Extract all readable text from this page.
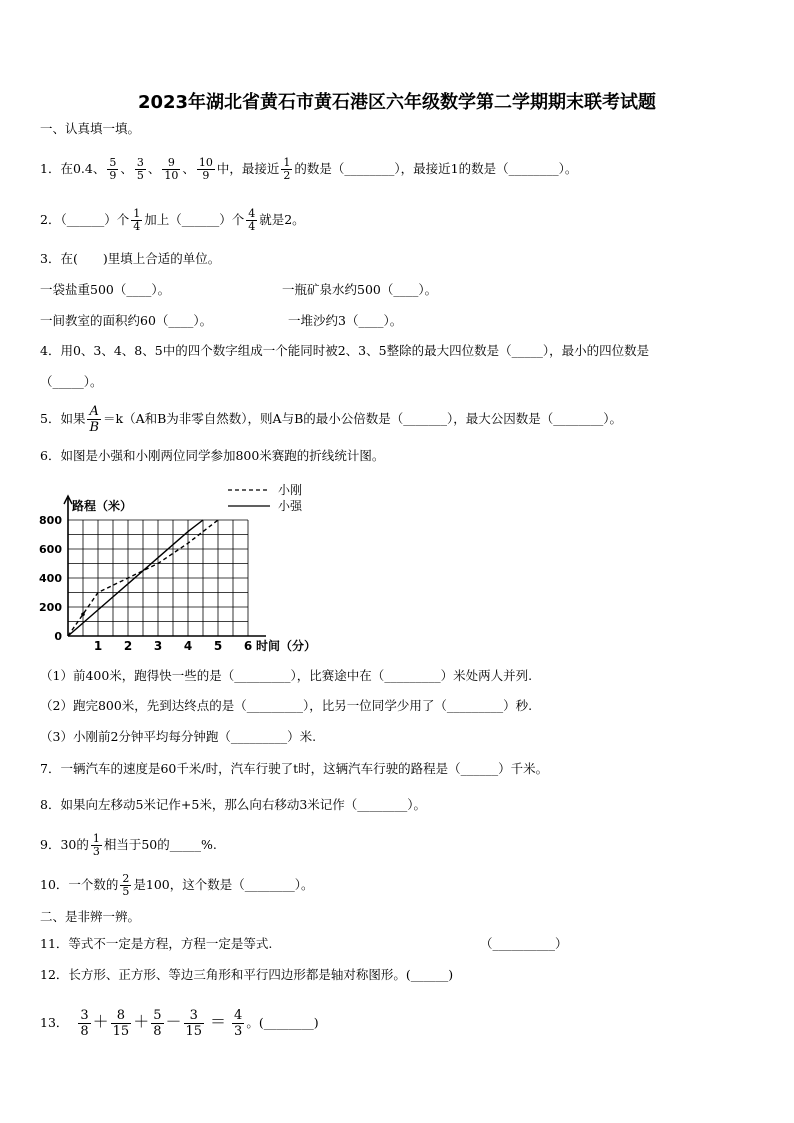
2023年湖北省黄石市黄石港区六年级数学第二学期期末联考试题
一、认真填一填。
1．在0.4、 $\frac{5}{9}$ 、 $\frac{3}{5}$ 、 $\frac{9}{10}$ 、 $\frac{10}{9}$ 中，最接近 $\frac{1}{2}$ 的数是（________），最接近1的数是（________）。
2．（______）个 $\frac{1}{4}$ 加上（______）个 $\frac{4}{4}$ 就是2。
3．在(　　)里填上合适的单位。
一袋盐重500（____）。	一瓶矿泉水约500（____）。
一间教室的面积约60（____）。	一堆沙约3（____）。
4．用0、3、4、8、5中的四个数字组成一个能同时被2、3、5整除的最大四位数是（_____），最小的四位数是
（_____）。
5．如果 $\frac{A}{B} =k(A$和B为非零自然数），则A与B的最小公倍数是（_______），最大公因数是（________）。
6．如图是小强和小刚两位同学参加800米赛跑的折线统计图。
1 2 3 4 5 6
0
200
400
600
800
路程（米）
时间（分）
小刚
小强
（1）前400米，跑得快一些的是（_________），比赛途中在（_________）米处两人并列.
（2）跑完800米，先到达终点的是（_________），比另一位同学少用了（_________）秒.
（3）小刚前2分钟平均每分钟跑（_________）米.
7．一辆汽车的速度是60千米/时，汽车行驶了t时，这辆汽车行驶的路程是（______）千米。
8．如果向左移动5米记作+5米，那么向右移动3米记作（________）。
9．30的 $\frac{1}{3}$ 相当于50的_____%.
10．一个数的 $\frac{2}{5}$ 是100，这个数是（________）。
二、是非辨一辨。
11．等式不一定是方程，方程一定是等式.	（__________）
12．长方形、正方形、等边三角形和平行四边形都是轴对称图形。(______)
13． $\frac{3}{8} + \frac{8}{15} + \frac{5}{8} - \frac{3}{15} = \frac{4}{3}$ 。(________)
